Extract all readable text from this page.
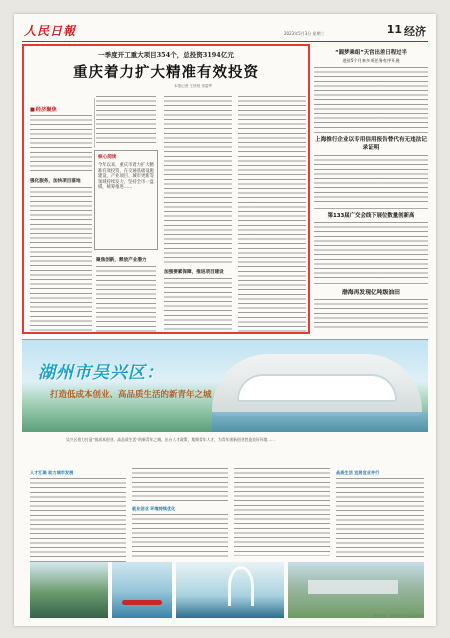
人民日報	2023年5月3日 星期三	11 经济
一季度开工重大项目354个，总投资3194亿元
重庆着力扩大精准有效投资
本报记者 王欣悦 常碧罗
■ 经济聚焦
强化服务，加快项目落地
核心阅读
今年以来，重庆市着力扩大精准有效投资，在交通基础设施建设、产业项目、城市更新等领域持续发力，坚持全市一盘棋，统筹推进……
聚焦创新，释放产业潜力
加强要素保障，推进项目建设
“圆梦乘组”天宫出差日程过半
进驻5个月来多项任务有序开展
上海推行企业以专用信用报告替代有无违法记录证明
第133届广交会线下展位数量创新高
渤海再发现亿吨级油田
湖州市吴兴区：
打造低成本创业、高品质生活的新青年之城
吴兴区着力打造“低成本创业、高品质生活”的新青年之城，出台人才政策，集聚青年人才，为青年创新创业营造良好环境……
人才汇聚 助力城市发展
就业创业 环境持续优化
品质生活 宜居宜业并行
图片来源：湖州市吴兴区委宣传部
